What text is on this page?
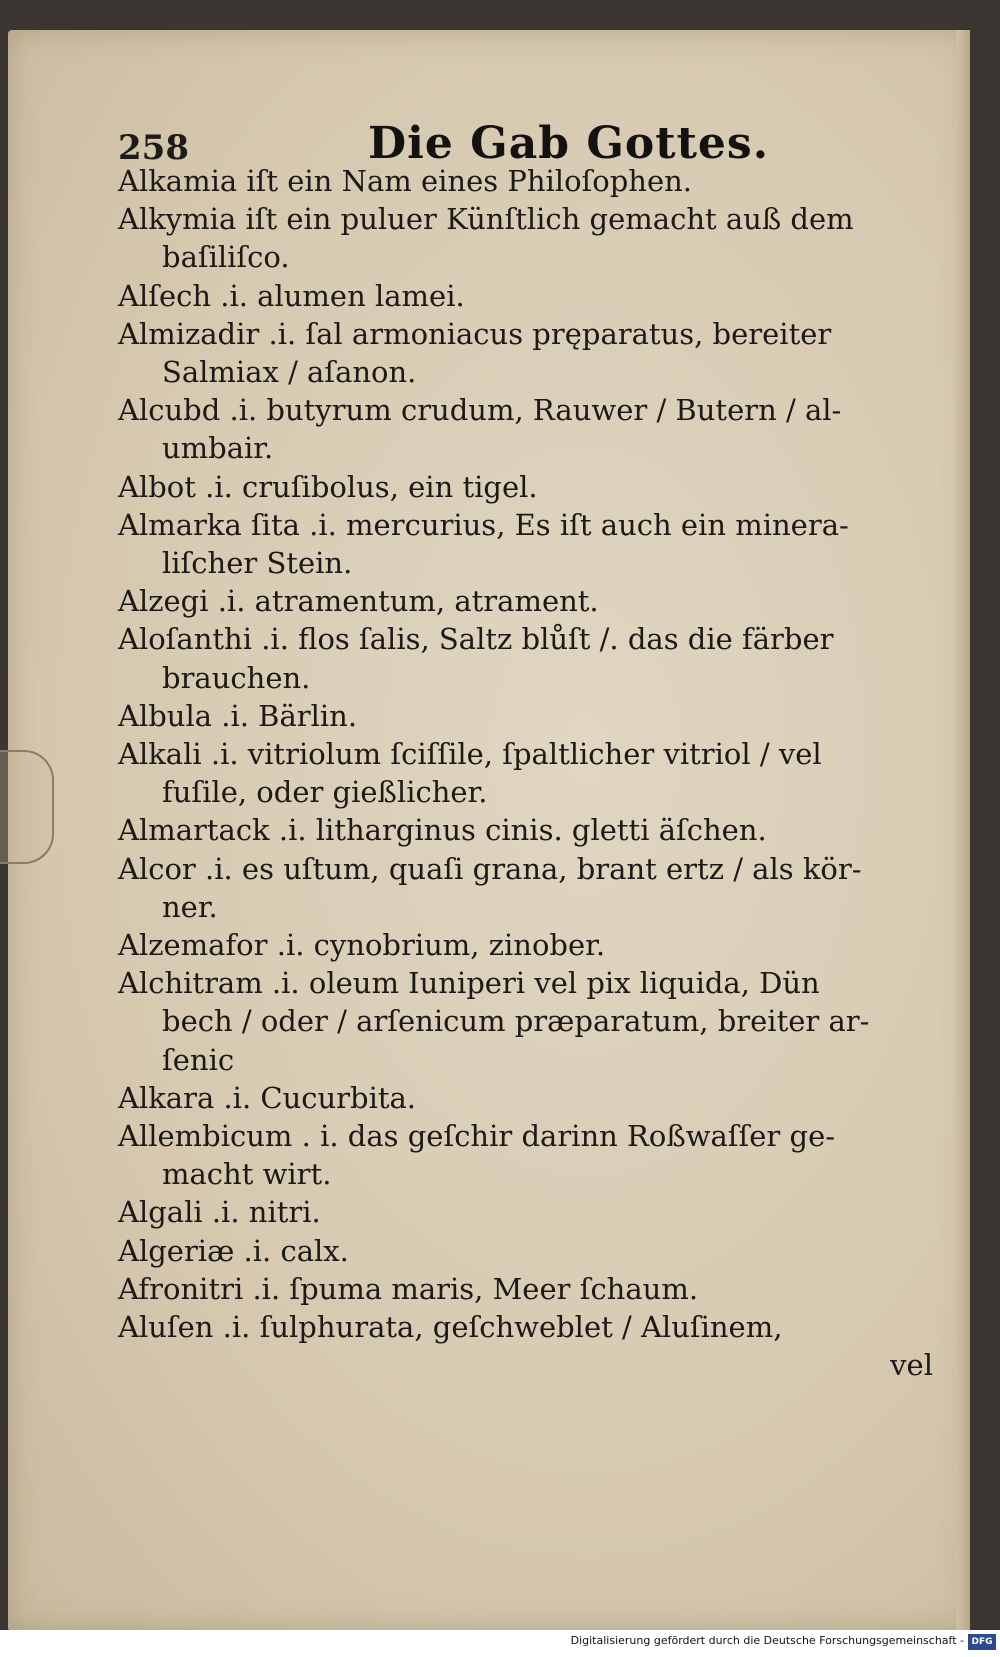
258	Die Gab Gottes.
Alkamia iſt ein Nam eines Philoſophen.
Alkymia iſt ein puluer Künſtlich gemacht auß dem
baſiliſco.
Alſech .i. alumen lamei.
Almizadir .i. ſal armoniacus pręparatus, bereiter
Salmiax / aſanon.
Alcubd .i. butyrum crudum, Rauwer / Butern / al-
umbair.
Albot .i. cruſibolus, ein tigel.
Almarka ſita .i. mercurius, Es iſt auch ein minera-
liſcher Stein.
Alzegi .i. atramentum, atrament.
Aloſanthi .i. flos ſalis, Saltz blůſt /. das die färber
brauchen.
Albula .i. Bärlin.
Alkali .i. vitriolum ſciſſile, ſpaltlicher vitriol / vel
fuſile, oder gießlicher.
Almartack .i. litharginus cinis. gletti äſchen.
Alcor .i. es uſtum, quaſi grana, brant ertz / als kör-
ner.
Alzemafor .i. cynobrium, zinober.
Alchitram .i. oleum Iuniperi vel pix liquida, Dün
bech / oder / arſenicum præparatum, breiter ar-
ſenic
Alkara .i. Cucurbita.
Allembicum . i. das geſchir darinn Roßwaſſer ge-
macht wirt.
Algali .i. nitri.
Algeriæ .i. calx.
Afronitri .i. ſpuma maris, Meer ſchaum.
Aluſen .i. ſulphurata, geſchweblet / Aluſinem,
vel
Digitalisierung gefördert durch die Deutsche Forschungsgemeinschaft - DFG
